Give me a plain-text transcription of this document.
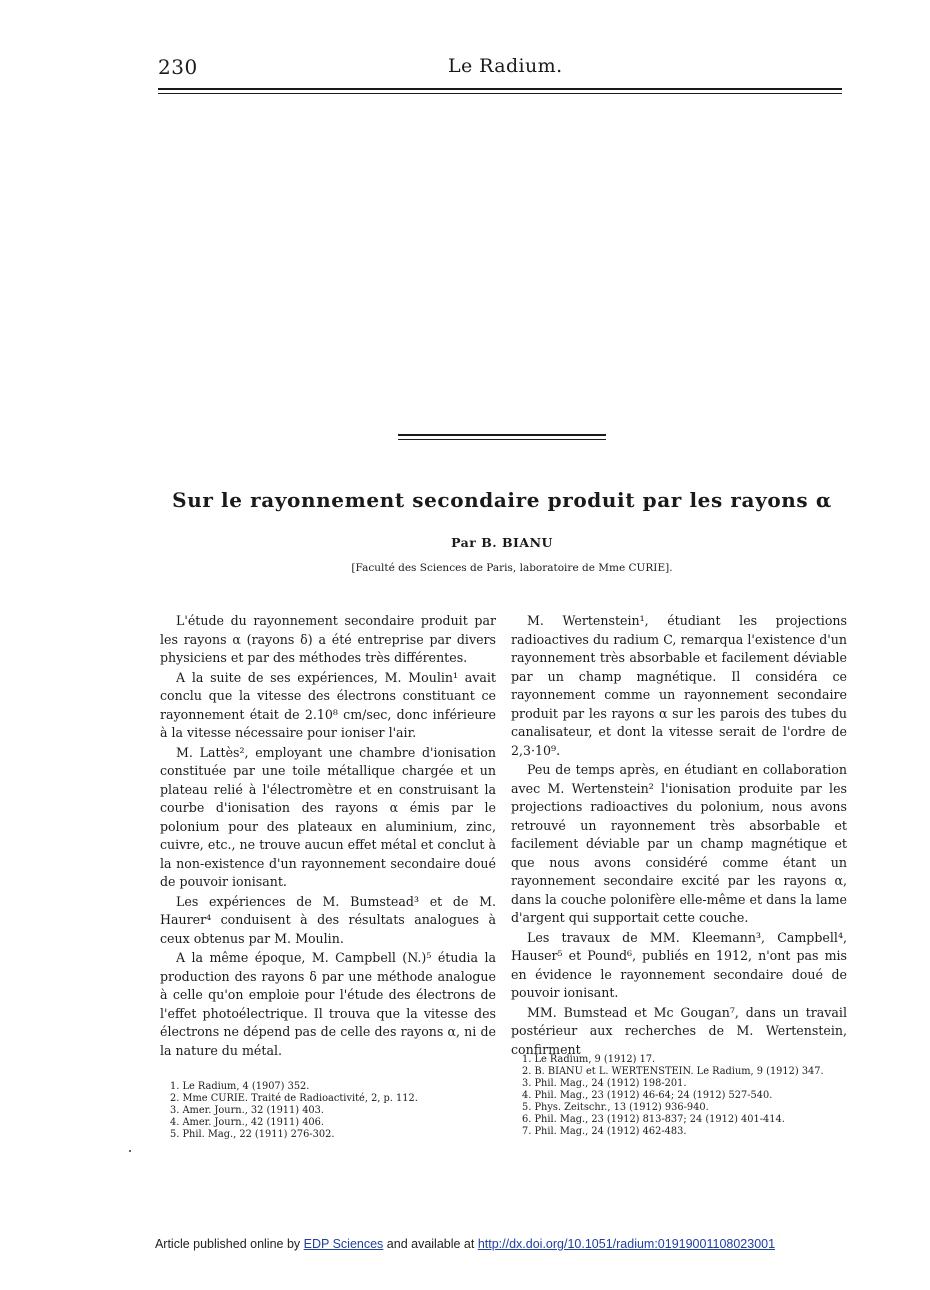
230	Le Radium.
Sur le rayonnement secondaire produit par les rayons α
Par B. BIANU
[Faculté des Sciences de Paris, laboratoire de Mme CURIE].

L'étude du rayonnement secondaire produit par les rayons α (rayons δ) a été entreprise par divers physiciens et par des méthodes très différentes.

A la suite de ses expériences, M. Moulin¹ avait conclu que la vitesse des électrons constituant ce rayonnement était de 2.10⁸ cm/sec, donc inférieure à la vitesse nécessaire pour ioniser l'air.

M. Lattès², employant une chambre d'ionisation constituée par une toile métallique chargée et un plateau relié à l'électromètre et en construisant la courbe d'ionisation des rayons α émis par le polonium pour des plateaux en aluminium, zinc, cuivre, etc., ne trouve aucun effet métal et conclut à la non-existence d'un rayonnement secondaire doué de pouvoir ionisant.

Les expériences de M. Bumstead³ et de M. Haurer⁴ conduisent à des résultats analogues à ceux obtenus par M. Moulin.

A la même époque, M. Campbell (N.)⁵ étudia la production des rayons δ par une méthode analogue à celle qu'on emploie pour l'étude des électrons de l'effet photoélectrique. Il trouva que la vitesse des électrons ne dépend pas de celle des rayons α, ni de la nature du métal.

M. Wertenstein¹, étudiant les projections radioactives du radium C, remarqua l'existence d'un rayonnement très absorbable et facilement déviable par un champ magnétique. Il considéra ce rayonnement comme un rayonnement secondaire produit par les rayons α sur les parois des tubes du canalisateur, et dont la vitesse serait de l'ordre de 2,3·10⁹.

Peu de temps après, en étudiant en collaboration avec M. Wertenstein² l'ionisation produite par les projections radioactives du polonium, nous avons retrouvé un rayonnement très absorbable et facilement déviable par un champ magnétique et que nous avons considéré comme étant un rayonnement secondaire excité par les rayons α, dans la couche polonifère elle-même et dans la lame d'argent qui supportait cette couche.

Les travaux de MM. Kleemann³, Campbell⁴, Hauser⁵ et Pound⁶, publiés en 1912, n'ont pas mis en évidence le rayonnement secondaire doué de pouvoir ionisant.

MM. Bumstead et Mc Gougan⁷, dans un travail postérieur aux recherches de M. Wertenstein, confirment

1. Le Radium, 9 (1912) 17.

2. B. BIANU et L. WERTENSTEIN. Le Radium, 9 (1912) 347.

3. Phil. Mag., 24 (1912) 198-201.

4. Phil. Mag., 23 (1912) 46-64; 24 (1912) 527-540.

5. Phys. Zeitschr., 13 (1912) 936-940.

6. Phil. Mag., 23 (1912) 813-837; 24 (1912) 401-414.

7. Phil. Mag., 24 (1912) 462-483.

1. Le Radium, 4 (1907) 352.

2. Mme CURIE. Traité de Radioactivité, 2, p. 112.

3. Amer. Journ., 32 (1911) 403.

4. Amer. Journ., 42 (1911) 406.

5. Phil. Mag., 22 (1911) 276-302.

Article published online by EDP Sciences and available at http://dx.doi.org/10.1051/radium:01919001108023001
